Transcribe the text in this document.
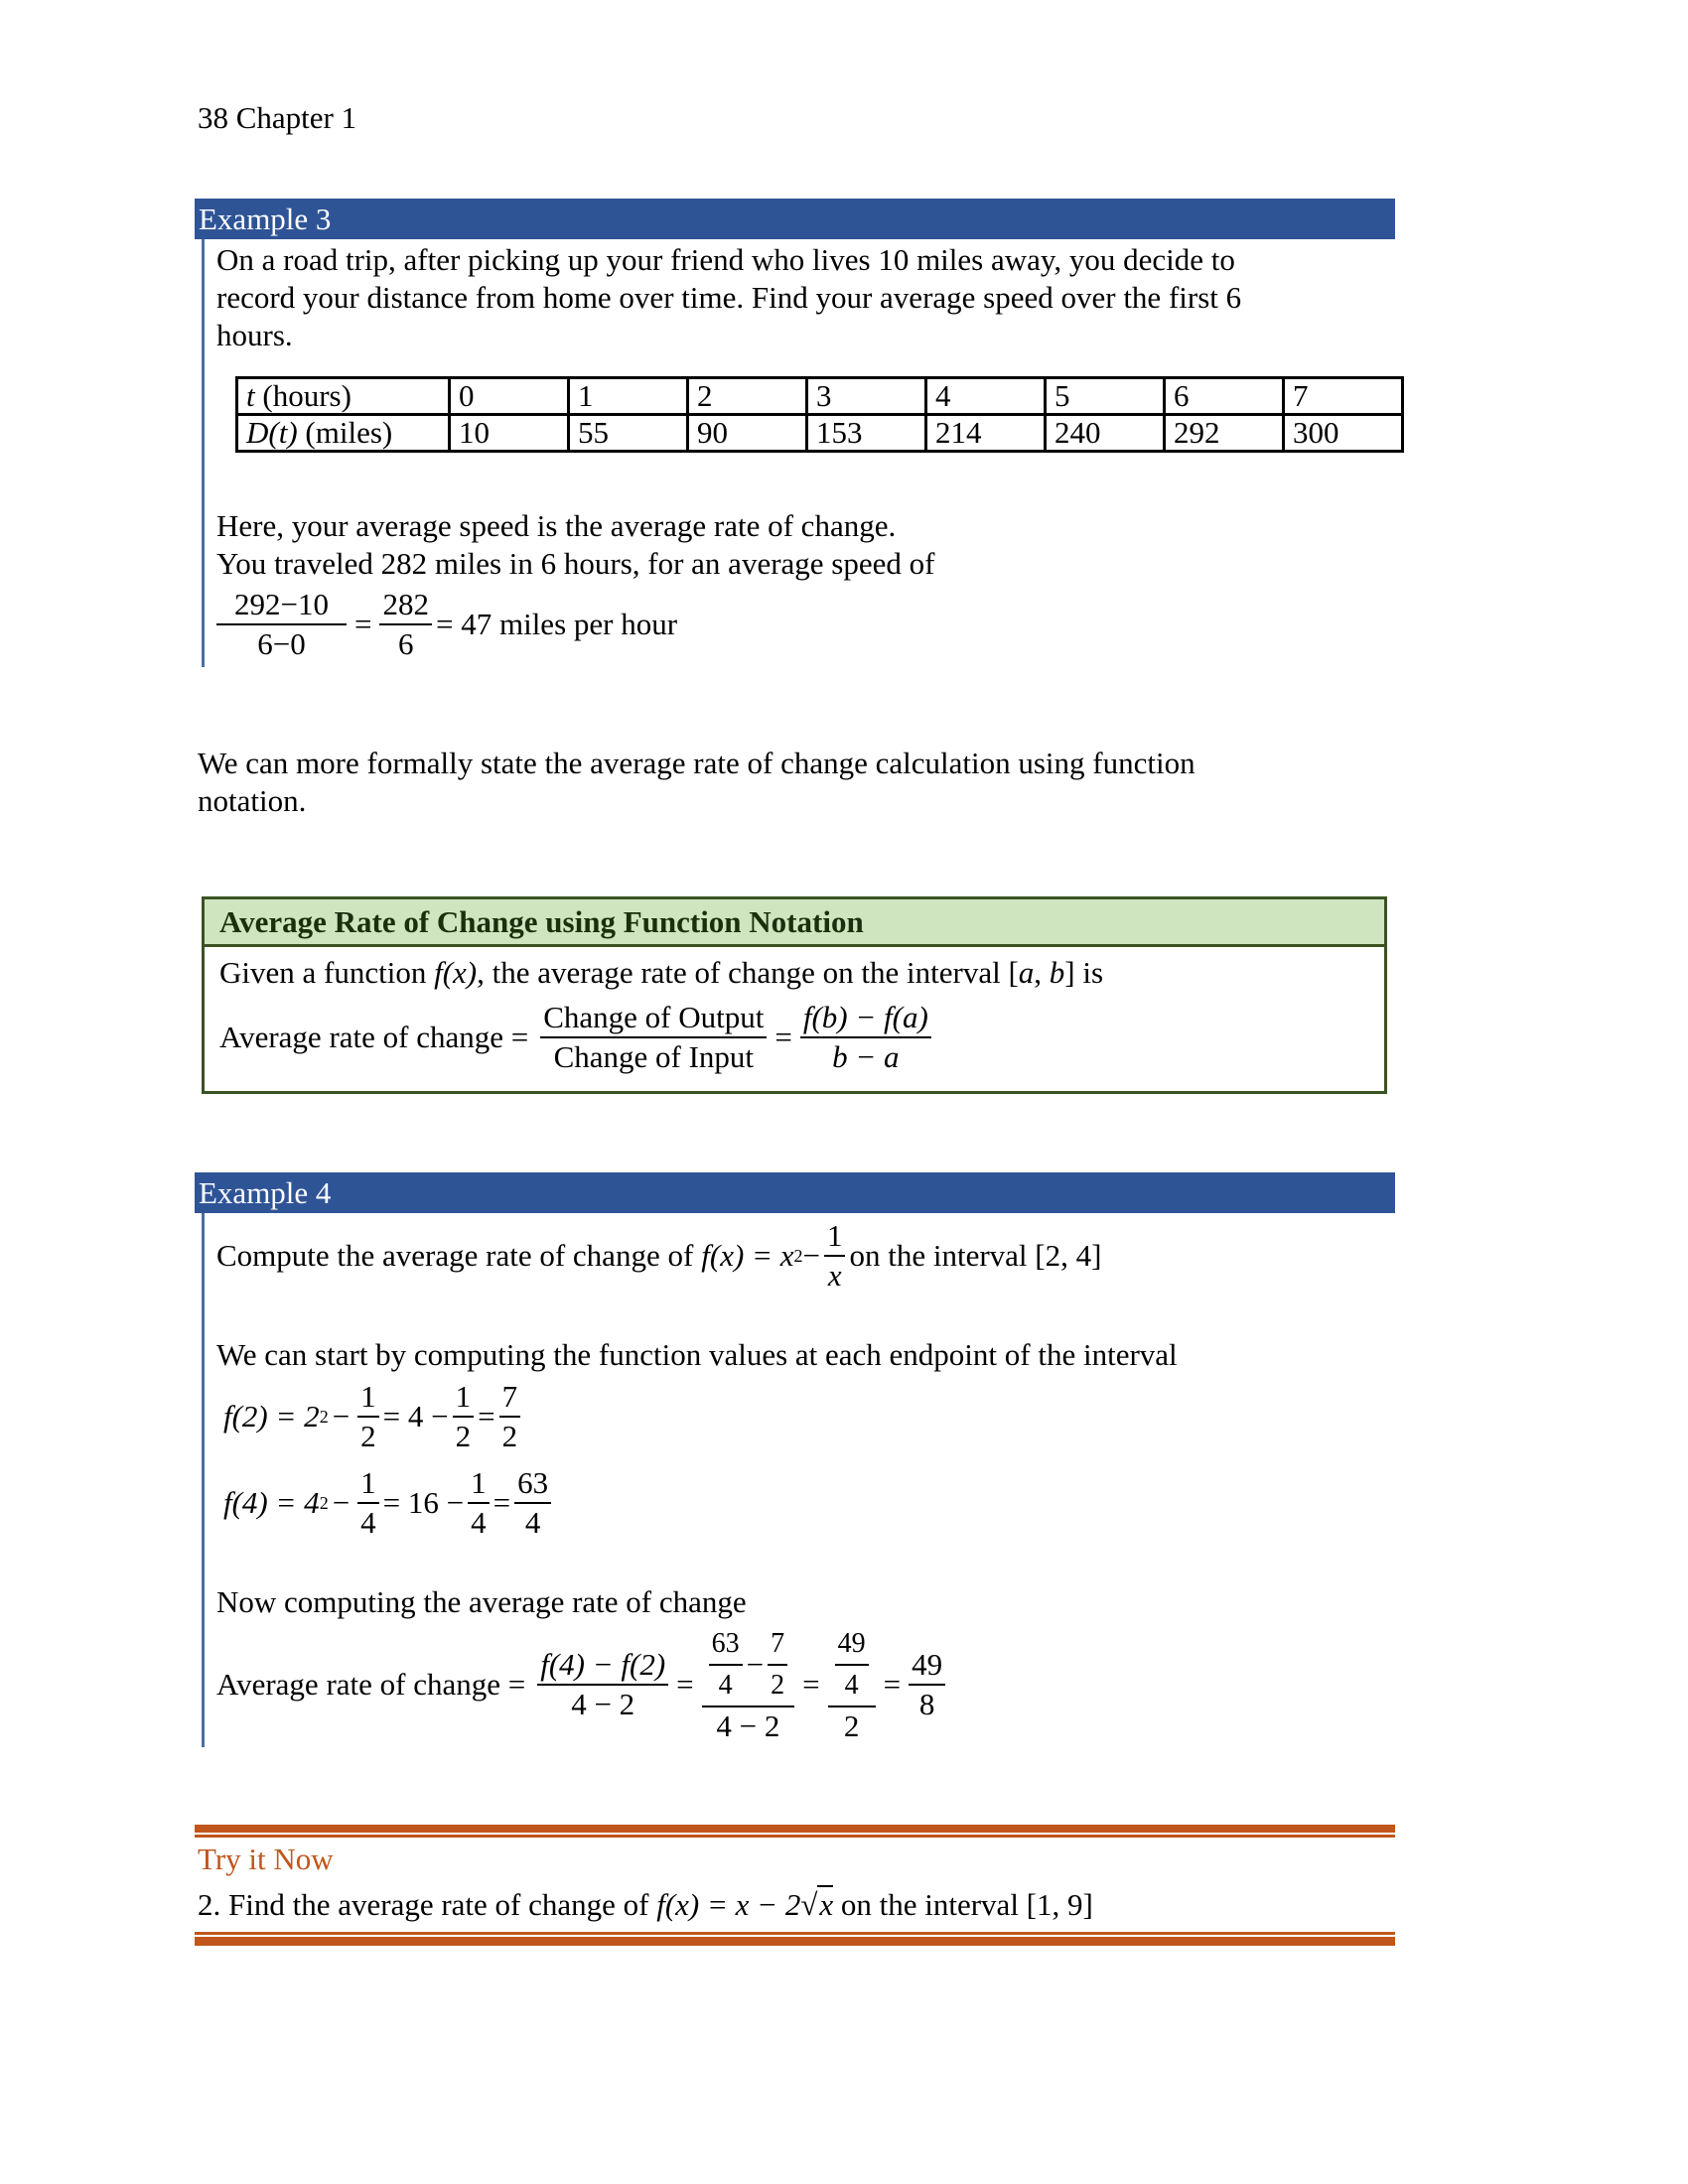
38 Chapter 1
Example 3
On a road trip, after picking up your friend who lives 10 miles away, you decide to
record your distance from home over time. Find your average speed over the first 6
hours.
t (hours)	0	1	2	3	4	5	6	7
D(t) (miles)	10	55	90	153	214	240	292	300
Here, your average speed is the average rate of change.
You traveled 282 miles in 6 hours, for an average speed of
$\frac{292-10}{6-0} = \frac{282}{6} = 47$ miles per hour
We can more formally state the average rate of change calculation using function
notation.
Average Rate of Change using Function Notation
Given a function f(x), the average rate of change on the interval [a, b] is
Average rate of change = $\frac{\text{Change of Output}}{\text{Change of Input}} = \frac{f(b) - f(a)}{b - a}$
Example 4
Compute the average rate of change of f(x) = x $2 - \frac{1}{x}$ on the interval [2, 4]
We can start by computing the function values at each endpoint of the interval
f(2) = 2 $2 - \frac{1}{2} = 4 - \frac{1}{2} = \frac{7}{2}$
f(4) = 4 $2 - \frac{1}{4} = 16 - \frac{1}{4} = \frac{63}{4}$
Now computing the average rate of change
Average rate of change = $\frac{f(4) - f(2)}{4 - 2} = \frac{\frac{63}{4} - \frac{7}{2}}{4 - 2} = \frac{\frac{49}{4}}{2} = \frac{49}{8}$
Try it Now
2. Find the average rate of change of f(x) = x − 2√x on the interval [1, 9]
